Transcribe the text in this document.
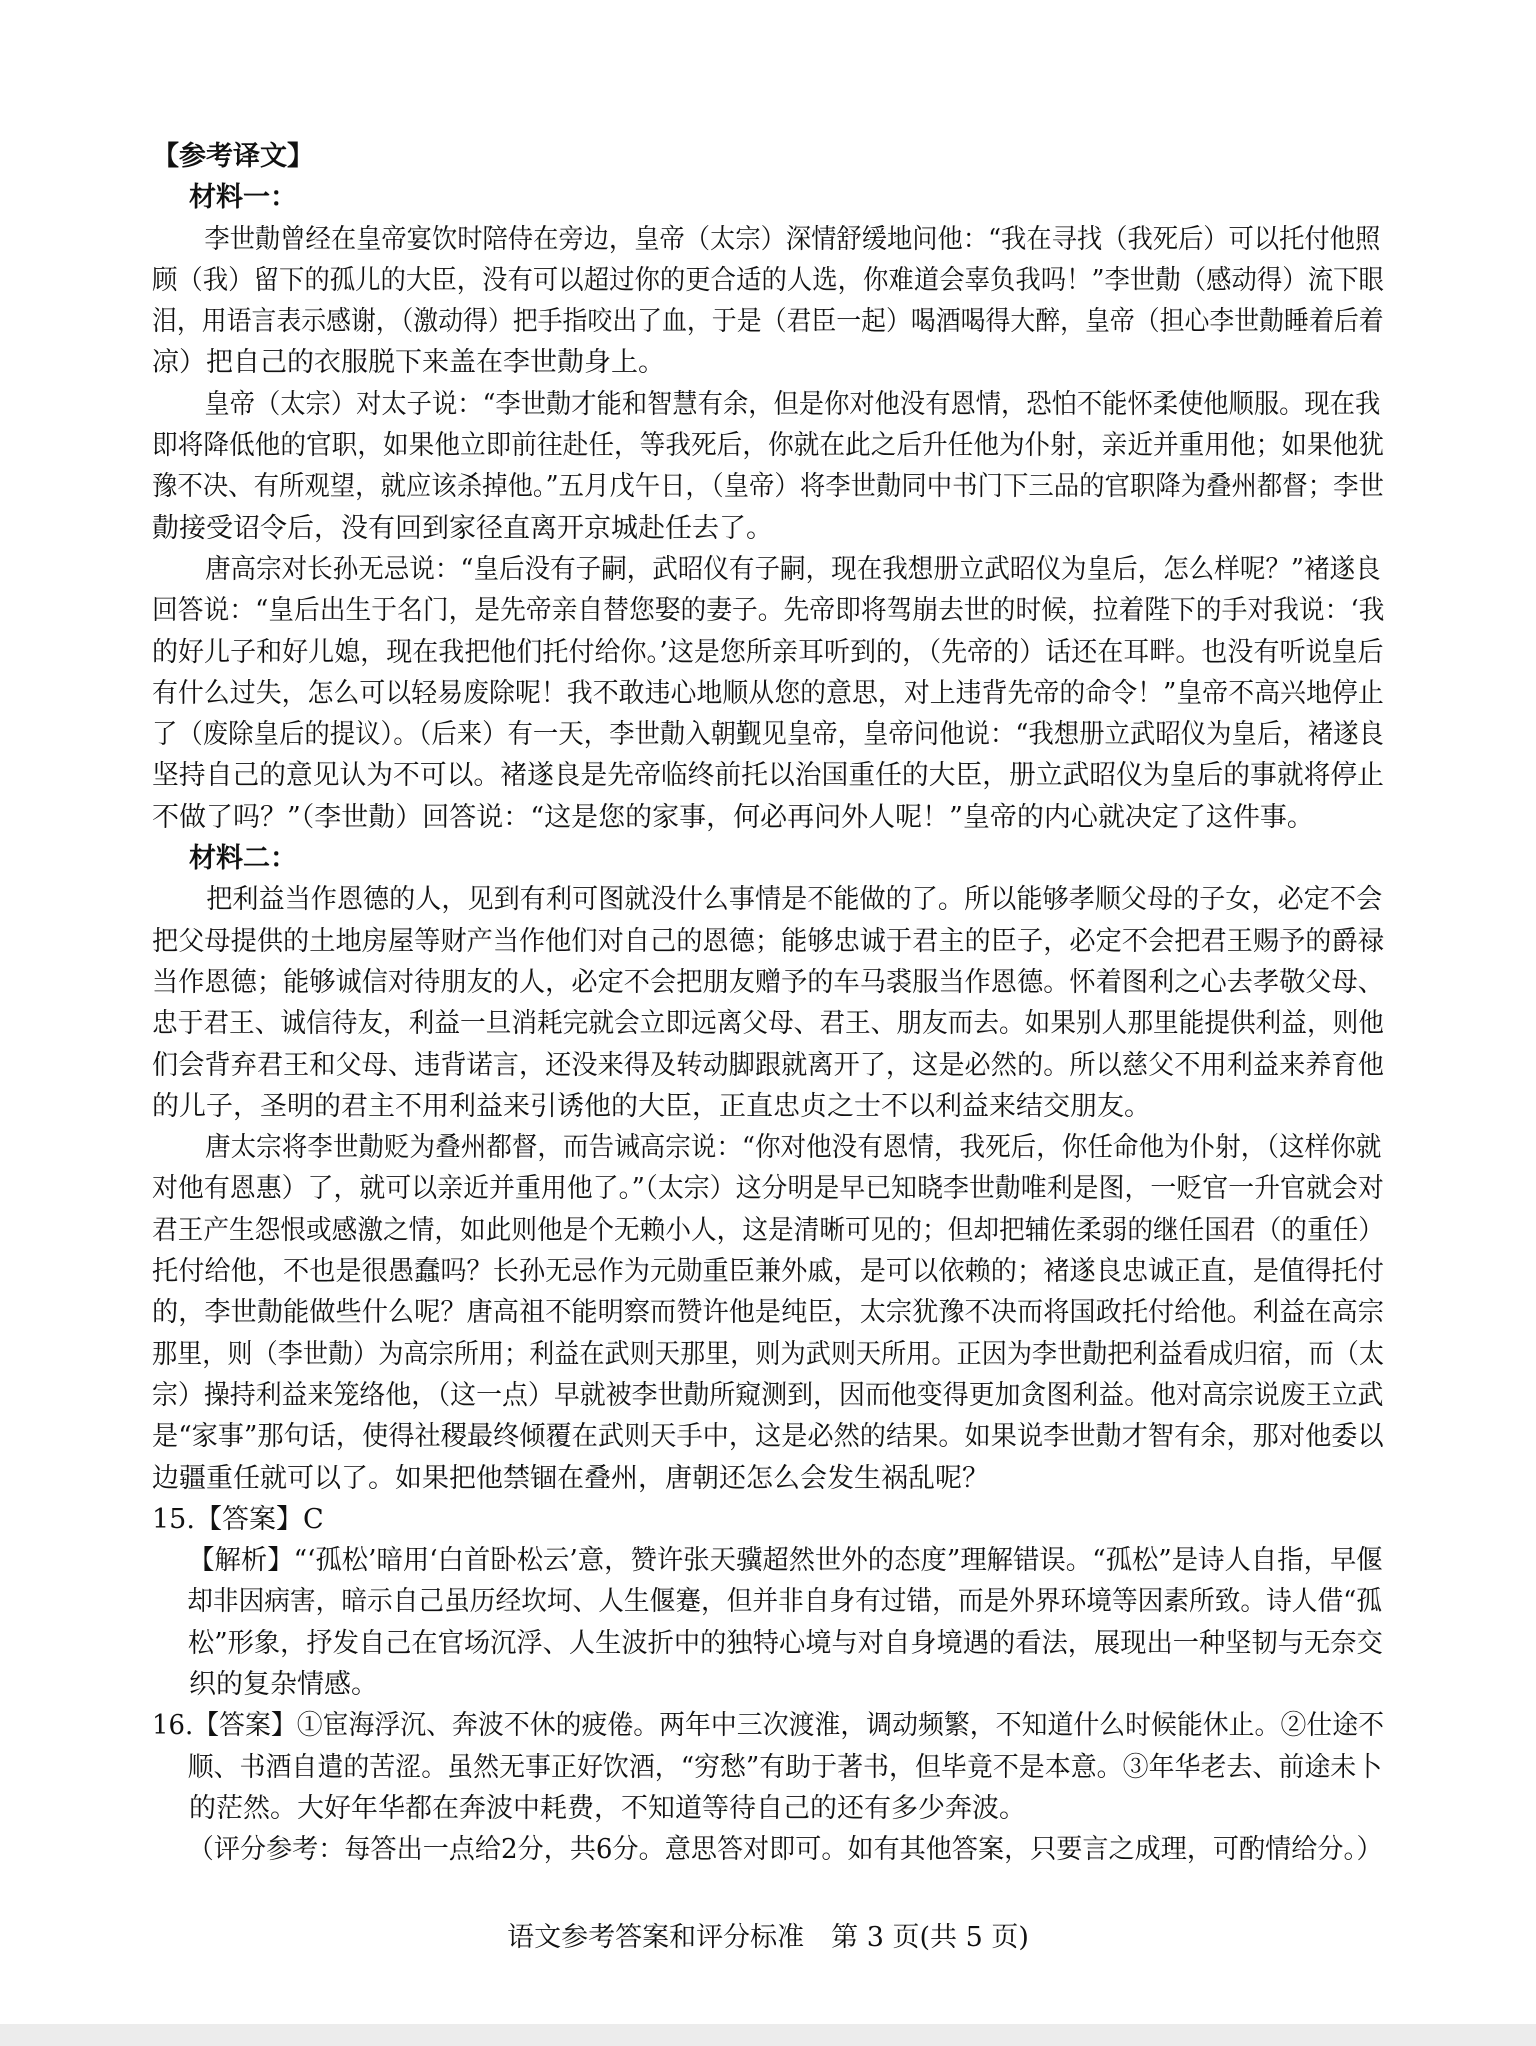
【参考译文】

材料一：

李世勣曾经在皇帝宴饮时陪侍在旁边，皇帝（太宗）深情舒缓地问他：“我在寻找（我死后）可以托付他照

顾（我）留下的孤儿的大臣，没有可以超过你的更合适的人选，你难道会辜负我吗！”李世勣（感动得）流下眼

泪，用语言表示感谢，（激动得）把手指咬出了血，于是（君臣一起）喝酒喝得大醉，皇帝（担心李世勣睡着后着

凉）把自己的衣服脱下来盖在李世勣身上。

皇帝（太宗）对太子说：“李世勣才能和智慧有余，但是你对他没有恩情，恐怕不能怀柔使他顺服。现在我

即将降低他的官职，如果他立即前往赴任，等我死后，你就在此之后升任他为仆射，亲近并重用他；如果他犹

豫不决、有所观望，就应该杀掉他。”五月戊午日，（皇帝）将李世勣同中书门下三品的官职降为叠州都督；李世

勣接受诏令后，没有回到家径直离开京城赴任去了。

唐高宗对长孙无忌说：“皇后没有子嗣，武昭仪有子嗣，现在我想册立武昭仪为皇后，怎么样呢？”褚遂良

回答说：“皇后出生于名门，是先帝亲自替您娶的妻子。先帝即将驾崩去世的时候，拉着陛下的手对我说：‘我

的好儿子和好儿媳，现在我把他们托付给你。’这是您所亲耳听到的，（先帝的）话还在耳畔。也没有听说皇后

有什么过失，怎么可以轻易废除呢！我不敢违心地顺从您的意思，对上违背先帝的命令！”皇帝不高兴地停止

了（废除皇后的提议）。（后来）有一天，李世勣入朝觐见皇帝，皇帝问他说：“我想册立武昭仪为皇后，褚遂良

坚持自己的意见认为不可以。褚遂良是先帝临终前托以治国重任的大臣，册立武昭仪为皇后的事就将停止

不做了吗？”（李世勣）回答说：“这是您的家事，何必再问外人呢！”皇帝的内心就决定了这件事。

材料二：

把利益当作恩德的人，见到有利可图就没什么事情是不能做的了。所以能够孝顺父母的子女，必定不会

把父母提供的土地房屋等财产当作他们对自己的恩德；能够忠诚于君主的臣子，必定不会把君王赐予的爵禄

当作恩德；能够诚信对待朋友的人，必定不会把朋友赠予的车马裘服当作恩德。怀着图利之心去孝敬父母、

忠于君王、诚信待友，利益一旦消耗完就会立即远离父母、君王、朋友而去。如果别人那里能提供利益，则他

们会背弃君王和父母、违背诺言，还没来得及转动脚跟就离开了，这是必然的。所以慈父不用利益来养育他

的儿子，圣明的君主不用利益来引诱他的大臣，正直忠贞之士不以利益来结交朋友。

唐太宗将李世勣贬为叠州都督，而告诫高宗说：“你对他没有恩情，我死后，你任命他为仆射，（这样你就

对他有恩惠）了，就可以亲近并重用他了。”（太宗）这分明是早已知晓李世勣唯利是图，一贬官一升官就会对

君王产生怨恨或感激之情，如此则他是个无赖小人，这是清晰可见的；但却把辅佐柔弱的继任国君（的重任）

托付给他，不也是很愚蠢吗？长孙无忌作为元勋重臣兼外戚，是可以依赖的；褚遂良忠诚正直，是值得托付

的，李世勣能做些什么呢？唐高祖不能明察而赞许他是纯臣，太宗犹豫不决而将国政托付给他。利益在高宗

那里，则（李世勣）为高宗所用；利益在武则天那里，则为武则天所用。正因为李世勣把利益看成归宿，而（太

宗）操持利益来笼络他，（这一点）早就被李世勣所窥测到，因而他变得更加贪图利益。他对高宗说废王立武

是“家事”那句话，使得社稷最终倾覆在武则天手中，这是必然的结果。如果说李世勣才智有余，那对他委以

边疆重任就可以了。如果把他禁锢在叠州，唐朝还怎么会发生祸乱呢？

15.【答案】C

【解析】“‘孤松’暗用‘白首卧松云’意，赞许张天骥超然世外的态度”理解错误。“孤松”是诗人自指，早偃

却非因病害，暗示自己虽历经坎坷、人生偃蹇，但并非自身有过错，而是外界环境等因素所致。诗人借“孤

松”形象，抒发自己在官场沉浮、人生波折中的独特心境与对自身境遇的看法，展现出一种坚韧与无奈交

织的复杂情感。

16.【答案】①宦海浮沉、奔波不休的疲倦。两年中三次渡淮，调动频繁，不知道什么时候能休止。②仕途不

顺、书酒自遣的苦涩。虽然无事正好饮酒，“穷愁”有助于著书，但毕竟不是本意。③年华老去、前途未卜

的茫然。大好年华都在奔波中耗费，不知道等待自己的还有多少奔波。

（评分参考：每答出一点给2分，共6分。意思答对即可。如有其他答案，只要言之成理，可酌情给分。）

语文参考答案和评分标准　第 3 页(共 5 页)
